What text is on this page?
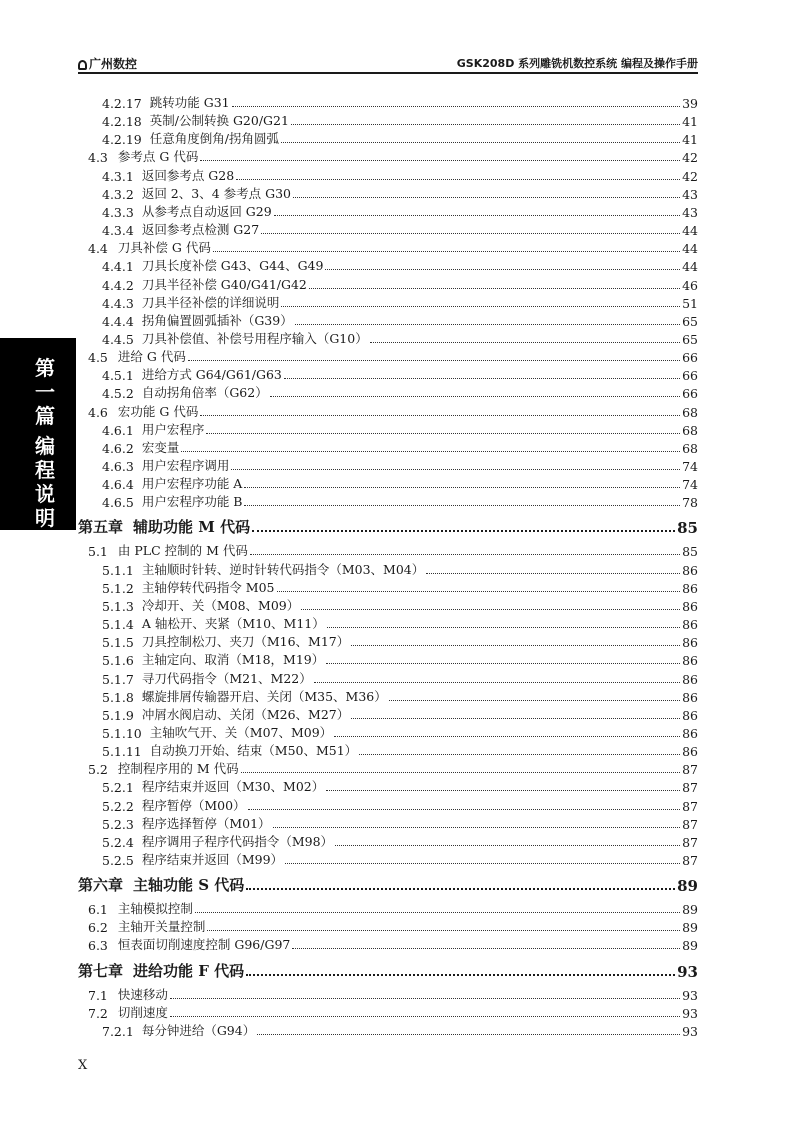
广州数控	GSK208D 系列雕铣机数控系统 编程及操作手册
第
一
篇
编
程
说
明
4.2.17 跳转功能 G31	39
4.2.18 英制/公制转换 G20/G21	41
4.2.19 任意角度倒角/拐角圆弧	41
4.3 参考点 G 代码	42
4.3.1 返回参考点 G28	42
4.3.2 返回 2、3、4 参考点 G30	43
4.3.3 从参考点自动返回 G29	43
4.3.4 返回参考点检测 G27	44
4.4 刀具补偿 G 代码	44
4.4.1 刀具长度补偿 G43、G44、G49	44
4.4.2 刀具半径补偿 G40/G41/G42	46
4.4.3 刀具半径补偿的详细说明	51
4.4.4 拐角偏置圆弧插补（G39）	65
4.4.5 刀具补偿值、补偿号用程序输入（G10）	65
4.5 进给 G 代码	66
4.5.1 进给方式 G64/G61/G63	66
4.5.2 自动拐角倍率（G62）	66
4.6 宏功能 G 代码	68
4.6.1 用户宏程序	68
4.6.2 宏变量	68
4.6.3 用户宏程序调用	74
4.6.4 用户宏程序功能 A	74
4.6.5 用户宏程序功能 B	78
第五章 辅助功能 M 代码	85
5.1 由 PLC 控制的 M 代码	85
5.1.1 主轴顺时针转、逆时针转代码指令（M03、M04）	86
5.1.2 主轴停转代码指令 M05	86
5.1.3 冷却开、关（M08、M09）	86
5.1.4 A 轴松开、夹紧（M10、M11）	86
5.1.5 刀具控制松刀、夹刀（M16、M17）	86
5.1.6 主轴定向、取消（M18，M19）	86
5.1.7 寻刀代码指令（M21、M22）	86
5.1.8 螺旋排屑传输器开启、关闭（M35、M36）	86
5.1.9 冲屑水阀启动、关闭（M26、M27）	86
5.1.10 主轴吹气开、关（M07、M09）	86
5.1.11 自动换刀开始、结束（M50、M51）	86
5.2 控制程序用的 M 代码	87
5.2.1 程序结束并返回（M30、M02）	87
5.2.2 程序暂停（M00）	87
5.2.3 程序选择暂停（M01）	87
5.2.4 程序调用子程序代码指令（M98）	87
5.2.5 程序结束并返回（M99）	87
第六章 主轴功能 S 代码	89
6.1 主轴模拟控制	89
6.2 主轴开关量控制	89
6.3 恒表面切削速度控制 G96/G97	89
第七章 进给功能 F 代码	93
7.1 快速移动	93
7.2 切削速度	93
7.2.1 每分钟进给（G94）	93
X
